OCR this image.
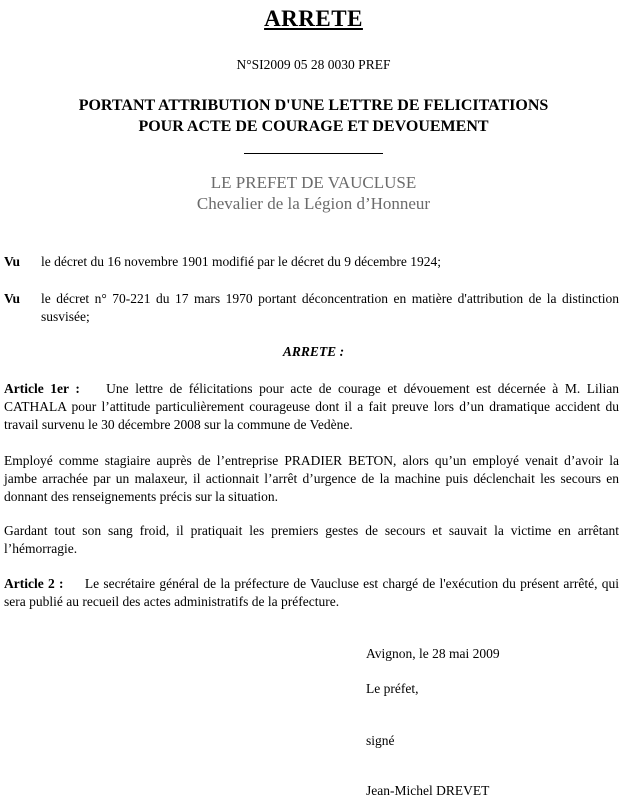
ARRETE
N°SI2009 05 28 0030 PREF
PORTANT ATTRIBUTION D'UNE LETTRE DE FELICITATIONS
POUR ACTE DE COURAGE ET DEVOUEMENT
LE PREFET DE VAUCLUSE
Chevalier de la Légion d’Honneur
Vu le décret du 16 novembre 1901 modifié par le décret du 9 décembre 1924;
Vu le décret n° 70-221 du 17 mars 1970 portant déconcentration en matière d'attribution de la distinction susvisée;
ARRETE :
Article 1er : Une lettre de félicitations pour acte de courage et dévouement est décernée à M. Lilian CATHALA pour l’attitude particulièrement courageuse dont il a fait preuve lors d’un dramatique accident du travail survenu le 30 décembre 2008 sur la commune de Vedène.
Employé comme stagiaire auprès de l’entreprise PRADIER BETON, alors qu’un employé venait d’avoir la jambe arrachée par un malaxeur, il actionnait l’arrêt d’urgence de la machine puis déclenchait les secours en donnant des renseignements précis sur la situation.
Gardant tout son sang froid, il pratiquait les premiers gestes de secours et sauvait la victime en arrêtant l’hémorragie.
Article 2 : Le secrétaire général de la préfecture de Vaucluse est chargé de l'exécution du présent arrêté, qui sera publié au recueil des actes administratifs de la préfecture.
Avignon, le 28 mai 2009
Le préfet,
signé
Jean-Michel DREVET
